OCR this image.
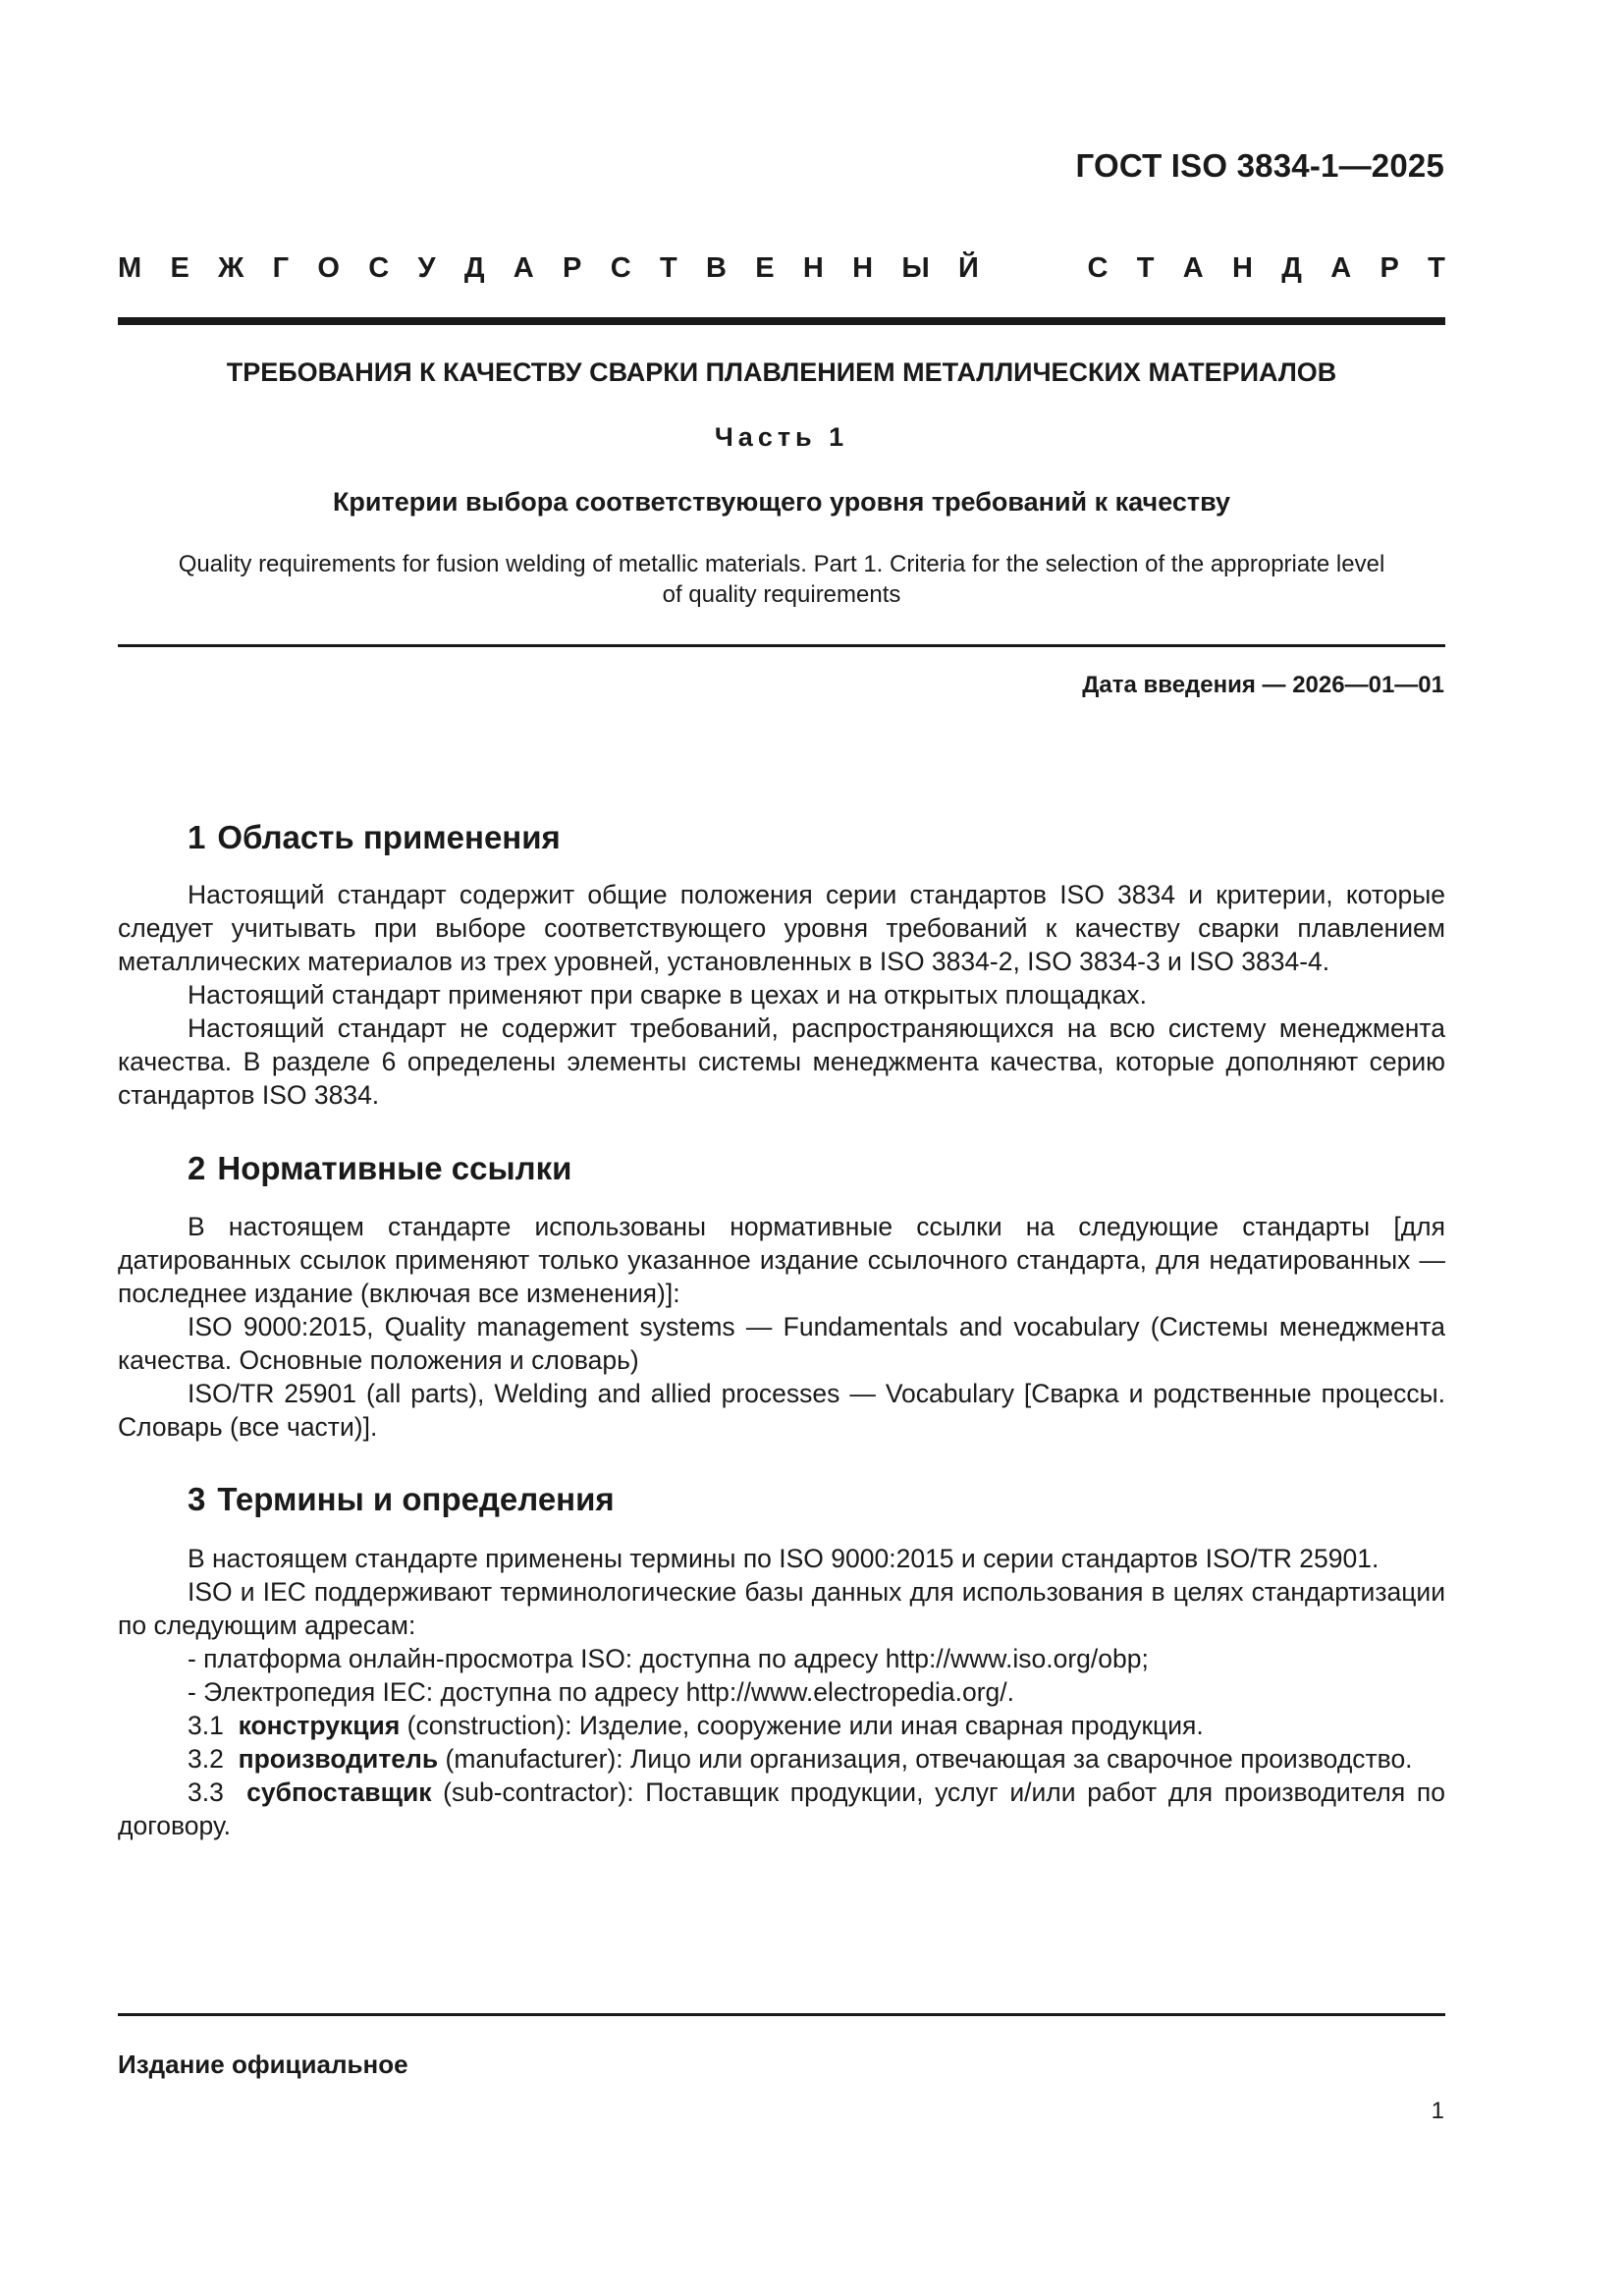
ГОСТ ISO 3834-1—2025
М Е Ж Г О С У Д А Р С Т В Е Н Н Ы Й	С Т А Н Д А Р Т
ТРЕБОВАНИЯ К КАЧЕСТВУ СВАРКИ ПЛАВЛЕНИЕМ МЕТАЛЛИЧЕСКИХ МАТЕРИАЛОВ
Часть 1
Критерии выбора соответствующего уровня требований к качеству
Quality requirements for fusion welding of metallic materials. Part 1. Criteria for the selection of the appropriate level
of quality requirements
Дата введения — 2026—01—01
1 Область применения

Настоящий стандарт содержит общие положения серии стандартов ISO 3834 и критерии, которые следует учитывать при выборе соответствующего уровня требований к качеству сварки плавлением металлических материалов из трех уровней, установленных в ISO 3834-2, ISO 3834-3 и ISO 3834-4.

Настоящий стандарт применяют при сварке в цехах и на открытых площадках.

Настоящий стандарт не содержит требований, распространяющихся на всю систему менеджмента качества. В разделе 6 определены элементы системы менеджмента качества, которые дополняют серию стандартов ISO 3834.

2 Нормативные ссылки

В настоящем стандарте использованы нормативные ссылки на следующие стандарты [для датированных ссылок применяют только указанное издание ссылочного стандарта, для недатированных — последнее издание (включая все изменения)]:

ISO 9000:2015, Quality management systems — Fundamentals and vocabulary (Системы менеджмента качества. Основные положения и словарь)

ISO/TR 25901 (all parts), Welding and allied processes — Vocabulary [Сварка и родственные процессы. Словарь (все части)].

3 Термины и определения

В настоящем стандарте применены термины по ISO 9000:2015 и серии стандартов ISO/TR 25901.

ISO и IEC поддерживают терминологические базы данных для использования в целях стандартизации по следующим адресам:

- платформа онлайн-просмотра ISO: доступна по адресу http://www.iso.org/obp;

- Электропедия IEC: доступна по адресу http://www.electropedia.org/.

3.1 конструкция (construction): Изделие, сооружение или иная сварная продукция.

3.2 производитель (manufacturer): Лицо или организация, отвечающая за сварочное производство.

3.3 субпоставщик (sub-contractor): Поставщик продукции, услуг и/или работ для производителя по договору.

Издание официальное
1
